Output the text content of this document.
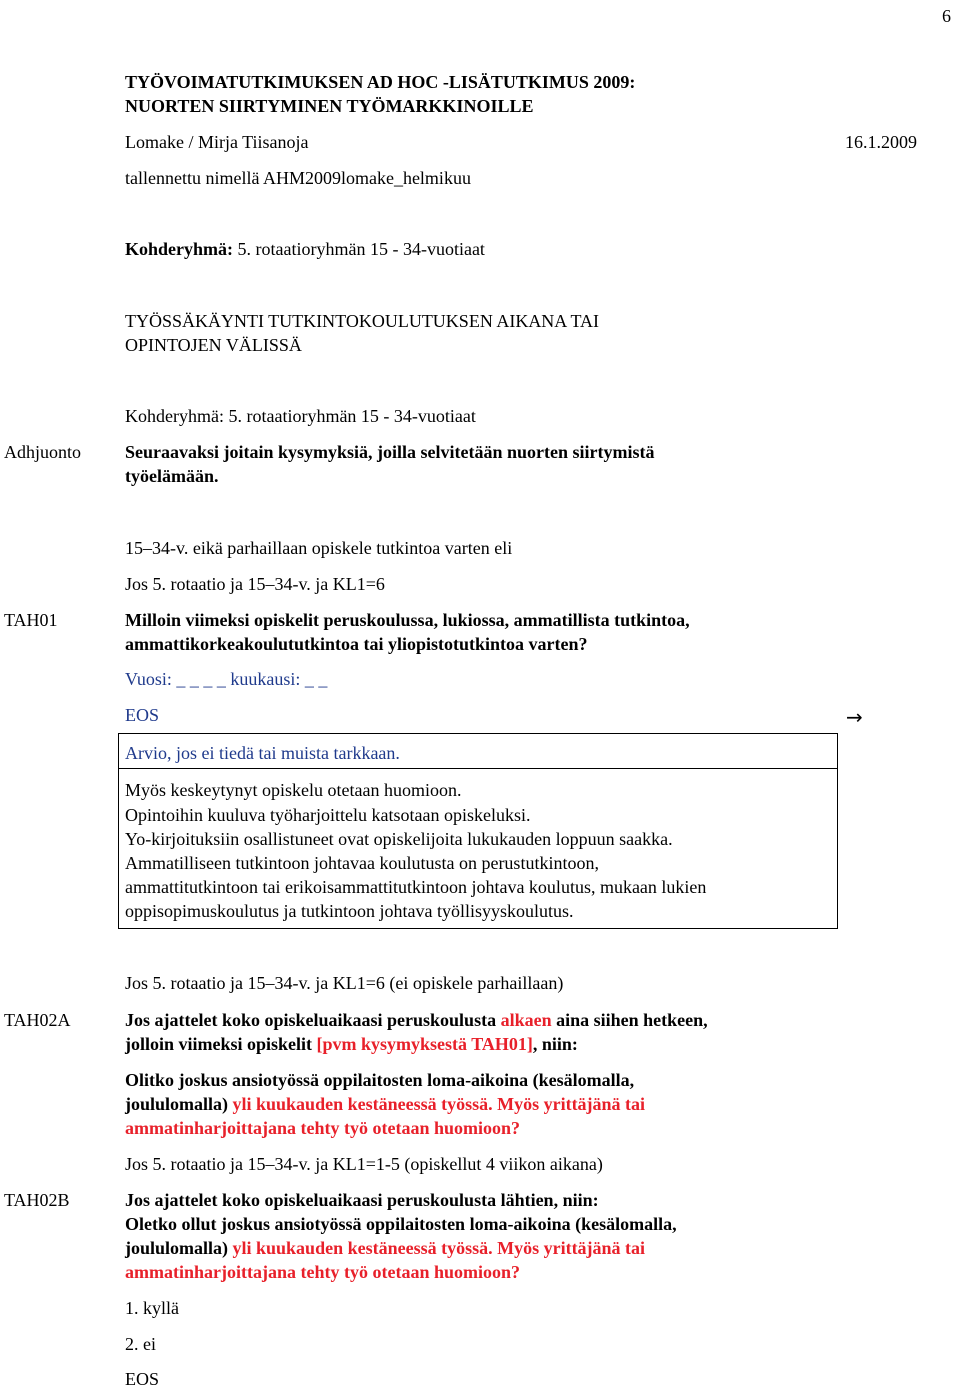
6
TYÖVOIMATUTKIMUKSEN AD HOC -LISÄTUTKIMUS 2009:
NUORTEN SIIRTYMINEN TYÖMARKKINOILLE
Lomake / Mirja Tiisanoja	16.1.2009
tallennettu nimellä AHM2009lomake_helmikuu
Kohderyhmä: 5. rotaatioryhmän 15 - 34-vuotiaat
TYÖSSÄKÄYNTI TUTKINTOKOULUTUKSEN AIKANA TAI
OPINTOJEN VÄLISSÄ
Kohderyhmä: 5. rotaatioryhmän 15 - 34-vuotiaat
Adhjuonto Seuraavaksi joitain kysymyksiä, joilla selvitetään nuorten siirtymistä
työelämään.
15–34-v. eikä parhaillaan opiskele tutkintoa varten eli
Jos 5. rotaatio ja 15–34-v. ja KL1=6
TAH01	Milloin viimeksi opiskelit peruskoulussa, lukiossa, ammatillista tutkintoa,
ammattikorkeakoulututkintoa tai yliopistotutkintoa varten?
Vuosi: _ _ _ _ kuukausi: _ _
EOS	→
Arvio, jos ei tiedä tai muista tarkkaan.
Myös keskeytynyt opiskelu otetaan huomioon.
Opintoihin kuuluva työharjoittelu katsotaan opiskeluksi.
Yo-kirjoituksiin osallistuneet ovat opiskelijoita lukukauden loppuun saakka.
Ammatilliseen tutkintoon johtavaa koulutusta on perustutkintoon,
ammattitutkintoon tai erikoisammattitutkintoon johtava koulutus, mukaan lukien
oppisopimuskoulutus ja tutkintoon johtava työllisyyskoulutus.
Jos 5. rotaatio ja 15–34-v. ja KL1=6 (ei opiskele parhaillaan)
TAH02A	Jos ajattelet koko opiskeluaikaasi peruskoulusta alkaen aina siihen hetkeen,
jolloin viimeksi opiskelit [pvm kysymyksestä TAH01], niin:
Olitko joskus ansiotyössä oppilaitosten loma-aikoina (kesälomalla,
joululomalla) yli kuukauden kestäneessä työssä. Myös yrittäjänä tai
ammatinharjoittajana tehty työ otetaan huomioon?
Jos 5. rotaatio ja 15–34-v. ja KL1=1-5 (opiskellut 4 viikon aikana)
TAH02B	Jos ajattelet koko opiskeluaikaasi peruskoulusta lähtien, niin:
Oletko ollut joskus ansiotyössä oppilaitosten loma-aikoina (kesälomalla,
joululomalla) yli kuukauden kestäneessä työssä. Myös yrittäjänä tai
ammatinharjoittajana tehty työ otetaan huomioon?
1. kyllä
2. ei
EOS
